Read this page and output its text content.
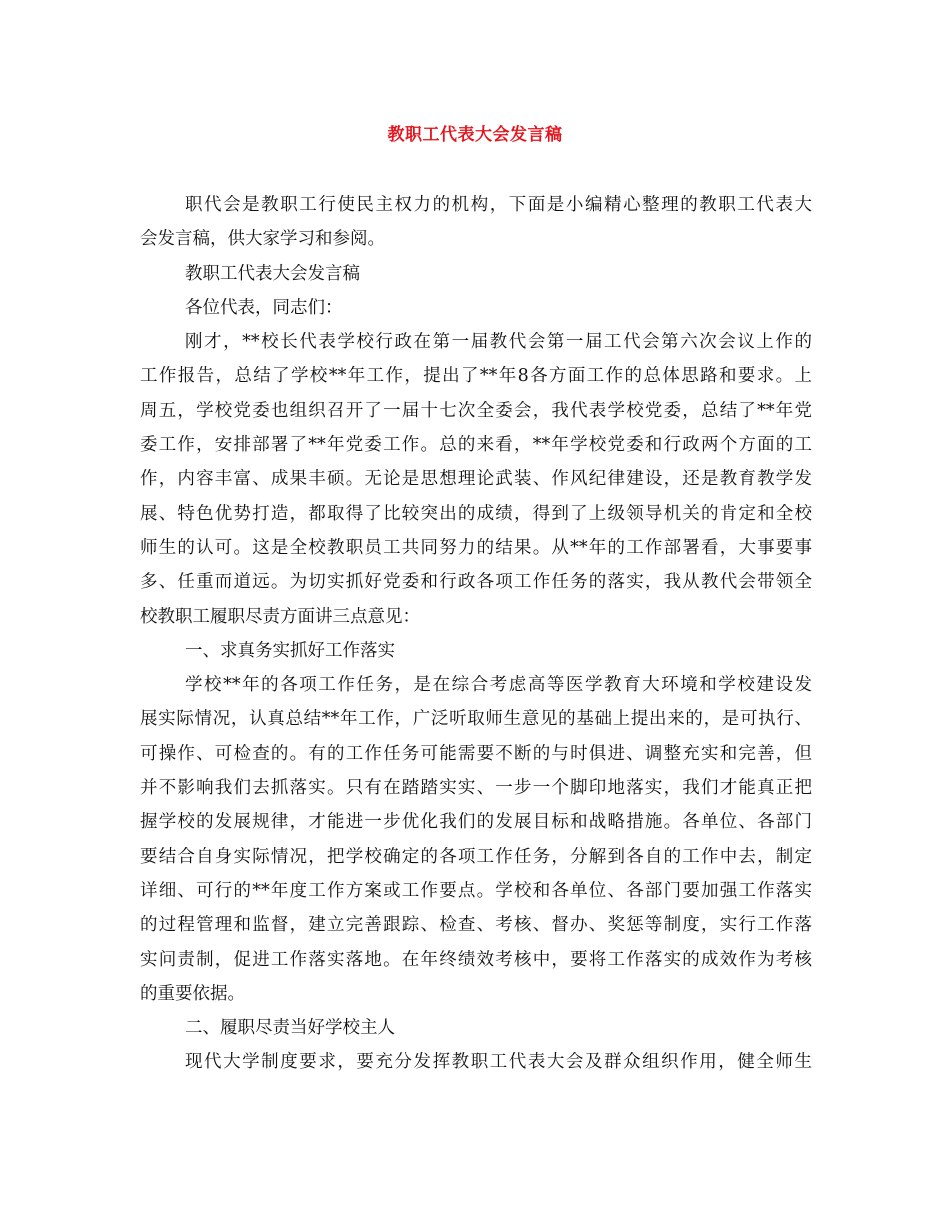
教职工代表大会发言稿
职代会是教职工行使民主权力的机构，下面是小编精心整理的教职工代表大
会发言稿，供大家学习和参阅。
教职工代表大会发言稿
各位代表，同志们：
刚才，**校长代表学校行政在第一届教代会第一届工代会第六次会议上作的
工作报告，总结了学校**年工作，提出了**年8各方面工作的总体思路和要求。上
周五，学校党委也组织召开了一届十七次全委会，我代表学校党委，总结了**年党
委工作，安排部署了**年党委工作。总的来看，**年学校党委和行政两个方面的工
作，内容丰富、成果丰硕。无论是思想理论武装、作风纪律建设，还是教育教学发
展、特色优势打造，都取得了比较突出的成绩，得到了上级领导机关的肯定和全校
师生的认可。这是全校教职员工共同努力的结果。从**年的工作部署看，大事要事
多、任重而道远。为切实抓好党委和行政各项工作任务的落实，我从教代会带领全
校教职工履职尽责方面讲三点意见：
一、求真务实抓好工作落实
学校**年的各项工作任务，是在综合考虑高等医学教育大环境和学校建设发
展实际情况，认真总结**年工作，广泛听取师生意见的基础上提出来的，是可执行、
可操作、可检查的。有的工作任务可能需要不断的与时俱进、调整充实和完善，但
并不影响我们去抓落实。只有在踏踏实实、一步一个脚印地落实，我们才能真正把
握学校的发展规律，才能进一步优化我们的发展目标和战略措施。各单位、各部门
要结合自身实际情况，把学校确定的各项工作任务，分解到各自的工作中去，制定
详细、可行的**年度工作方案或工作要点。学校和各单位、各部门要加强工作落实
的过程管理和监督，建立完善跟踪、检查、考核、督办、奖惩等制度，实行工作落
实问责制，促进工作落实落地。在年终绩效考核中，要将工作落实的成效作为考核
的重要依据。
二、履职尽责当好学校主人
现代大学制度要求，要充分发挥教职工代表大会及群众组织作用，健全师生
